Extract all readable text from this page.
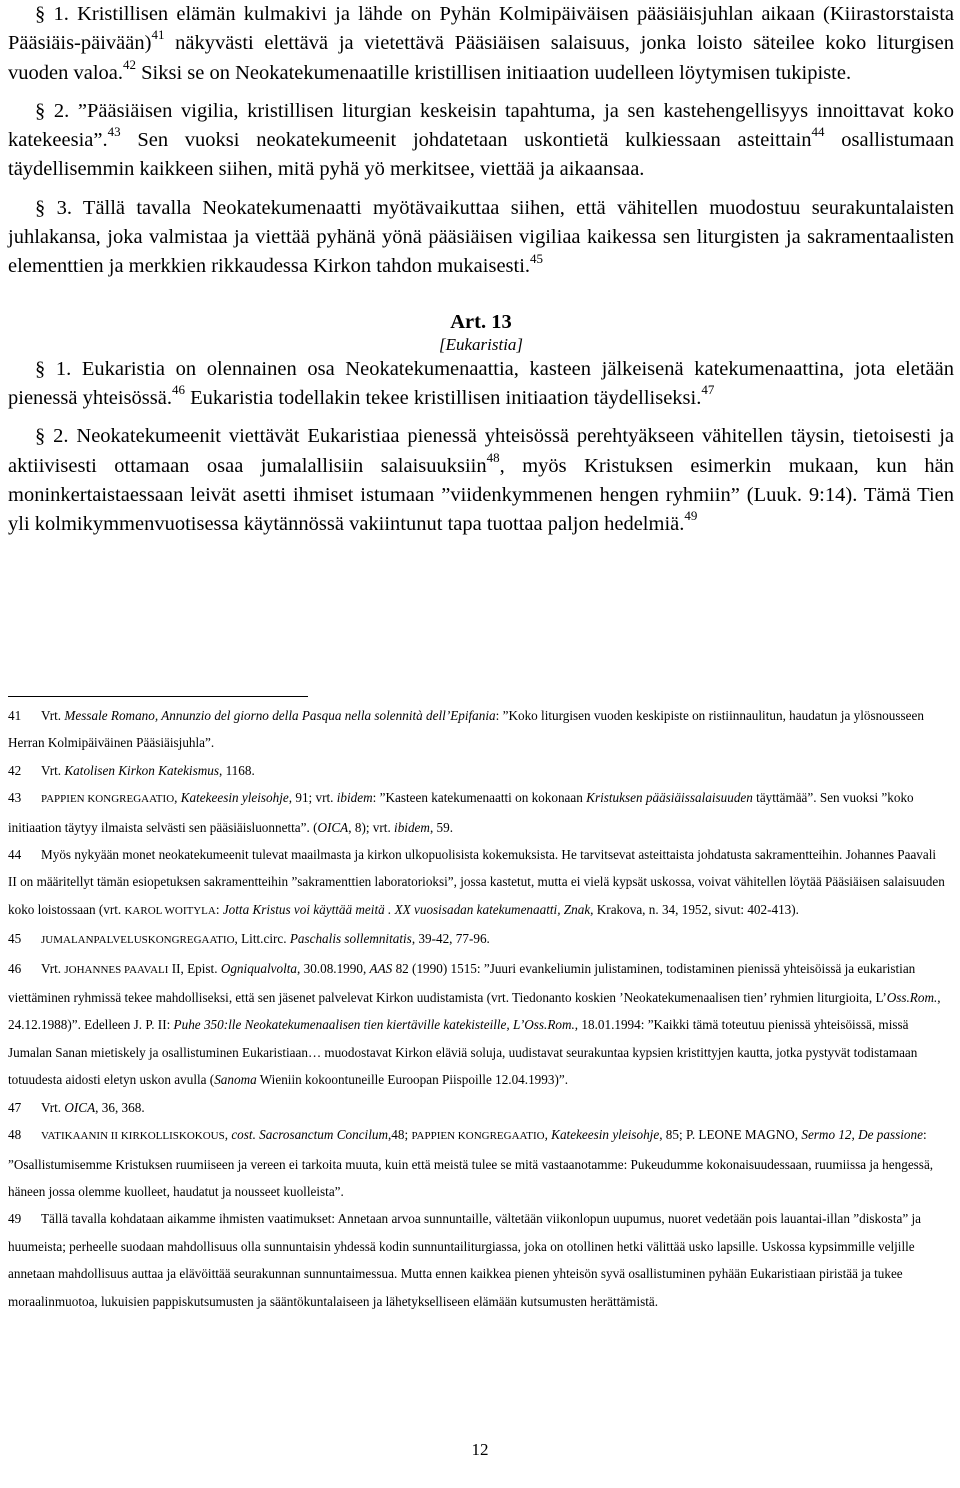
§ 1. Kristillisen elämän kulmakivi ja lähde on Pyhän Kolmipäiväisen pääsiäisjuhlan aikaan (Kiirastorstaista Pääsiäis-päivään)$^{41}$ näkyvästi elettävä ja vietettävä Pääsiäisen salaisuus, jonka loisto säteilee koko liturgisen vuoden valoa.$^{42}$ Siksi se on Neokatekumenaatille kristillisen initiaation uudelleen löytymisen tukipiste.

§ 2. ”Pääsiäisen vigilia, kristillisen liturgian keskeisin tapahtuma, ja sen kastehengellisyys innoittavat koko katekeesia”.$^{43}$ Sen vuoksi neokatekumeenit johdatetaan uskontietä kulkiessaan asteittain$^{44}$ osallistumaan täydellisemmin kaikkeen siihen, mitä pyhä yö merkitsee, viettää ja aikaansaa.

§ 3. Tällä tavalla Neokatekumenaatti myötävaikuttaa siihen, että vähitellen muodostuu seurakuntalaisten juhlakansa, joka valmistaa ja viettää pyhänä yönä pääsiäisen vigiliaa kaikessa sen liturgisten ja sakramentaalisten elementtien ja merkkien rikkaudessa Kirkon tahdon mukaisesti.$^{45}$

Art. 13
[Eukaristia]

§ 1. Eukaristia on olennainen osa Neokatekumenaattia, kasteen jälkeisenä katekumenaattina, jota eletään pienessä yhteisössä.$^{46}$ Eukaristia todellakin tekee kristillisen initiaation täydelliseksi.$^{47}$

§ 2. Neokatekumeenit viettävät Eukaristiaa pienessä yhteisössä perehtyäkseen vähitellen täysin, tietoisesti ja aktiivisesti ottamaan osaa jumalallisiin salaisuuksiin$^{48}$, myös Kristuksen esimerkin mukaan, kun hän moninkertaistaessaan leivät asetti ihmiset istumaan ”viidenkymmenen hengen ryhmiin” (Luuk. 9:14). Tämä Tien yli kolmikymmenvuotisessa käytännössä vakiintunut tapa tuottaa paljon hedelmiä.$^{49}$

41 Vrt. Messale Romano, Annunzio del giorno della Pasqua nella solennità dell’Epifania: ”Koko liturgisen vuoden keskipiste on ristiinnaulitun, haudatun ja ylösnousseen Herran Kolmipäiväinen Pääsiäisjuhla”.
42 Vrt. Katolisen Kirkon Katekismus, 1168.
43 PAPPIEN KONGREGAATIO, Katekeesin yleisohje, 91; vrt. ibidem: ”Kasteen katekumenaatti on kokonaan Kristuksen pääsiäissalaisuuden täyttämää”. Sen vuoksi ”koko initiaation täytyy ilmaista selvästi sen pääsiäisluonnetta”. (OICA, 8); vrt. ibidem, 59.
44 Myös nykyään monet neokatekumeenit tulevat maailmasta ja kirkon ulkopuolisista kokemuksista. He tarvitsevat asteittaista johdatusta sakramentteihin. Johannes Paavali II on määritellyt tämän esiopetuksen sakramentteihin ”sakramenttien laboratorioksi”, jossa kastetut, mutta ei vielä kypsät uskossa, voivat vähitellen löytää Pääsiäisen salaisuuden koko loistossaan (vrt. KAROL WOITYLA: Jotta Kristus voi käyttää meitä . XX vuosisadan katekumenaatti, Znak, Krakova, n. 34, 1952, sivut: 402-413).
45 JUMALANPALVELUSKONGREGAATIO, Litt.circ. Paschalis sollemnitatis, 39-42, 77-96.
46 Vrt. JOHANNES PAAVALI II, Epist. Ogniqualvolta, 30.08.1990, AAS 82 (1990) 1515: ”Juuri evankeliumin julistaminen, todistaminen pienissä yhteisöissä ja eukaristian viettäminen ryhmissä tekee mahdolliseksi, että sen jäsenet palvelevat Kirkon uudistamista (vrt. Tiedonanto koskien ’Neokatekumenaalisen tien’ ryhmien liturgioita, L’Oss.Rom., 24.12.1988)”. Edelleen J. P. II: Puhe 350:lle Neokatekumenaalisen tien kiertäville katekisteille, L’Oss.Rom., 18.01.1994: ”Kaikki tämä toteutuu pienissä yhteisöissä, missä Jumalan Sanan mietiskely ja osallistuminen Eukaristiaan… muodostavat Kirkon eläviä soluja, uudistavat seurakuntaa kypsien kristittyjen kautta, jotka pystyvät todistamaan totuudesta aidosti eletyn uskon avulla (Sanoma Wieniin kokoontuneille Euroopan Piispoille 12.04.1993)”.
47 Vrt. OICA, 36, 368.
48 VATIKAANIN II KIRKOLLISKOKOUS, cost. Sacrosanctum Concilum,48; PAPPIEN KONGREGAATIO, Katekeesin yleisohje, 85; P. LEONE MAGNO, Sermo 12, De passione: ”Osallistumisemme Kristuksen ruumiiseen ja vereen ei tarkoita muuta, kuin että meistä tulee se mitä vastaanotamme: Pukeudumme kokonaisuudessaan, ruumiissa ja hengessä, häneen jossa olemme kuolleet, haudatut ja nousseet kuolleista”.
49 Tällä tavalla kohdataan aikamme ihmisten vaatimukset: Annetaan arvoa sunnuntaille, vältetään viikonlopun uupumus, nuoret vedetään pois lauantai-illan ”diskosta” ja huumeista; perheelle suodaan mahdollisuus olla sunnuntaisin yhdessä kodin sunnuntailiturgiassa, joka on otollinen hetki välittää usko lapsille. Uskossa kypsimmille veljille annetaan mahdollisuus auttaa ja elävöittää seurakunnan sunnuntaimessua. Mutta ennen kaikkea pienen yhteisön syvä osallistuminen pyhään Eukaristiaan piristää ja tukee moraalinmuotoa, lukuisien pappiskutsumusten ja sääntökuntalaiseen ja lähetykselliseen elämään kutsumusten herättämistä.
12
